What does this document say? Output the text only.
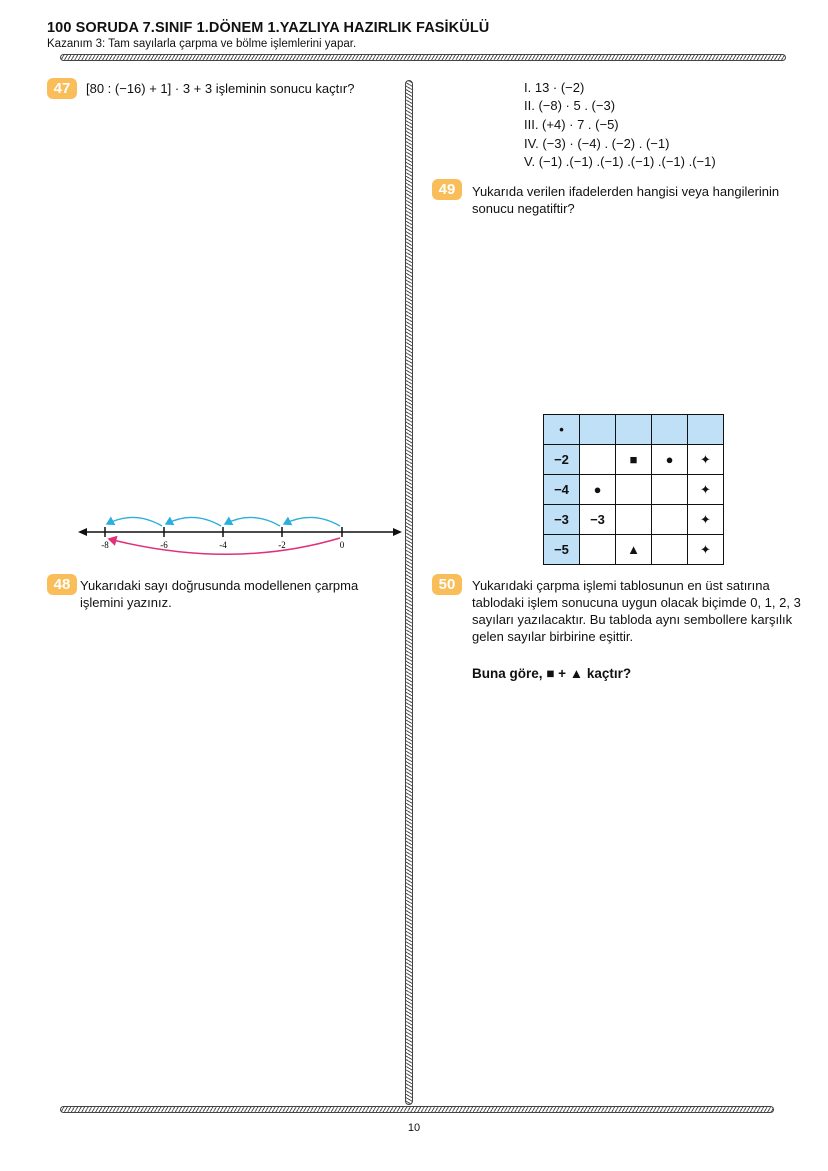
100 SORUDA 7.SINIF 1.DÖNEM 1.YAZLIYA HAZIRLIK FASİKÜLÜ
Kazanım 3: Tam sayılarla çarpma ve bölme işlemlerini yapar.
47	[80 : (−16) + 1] · 3 + 3 işleminin sonucu kaçtır?
-8	-6	-4	-2	0
48 Yukarıdaki sayı doğrusunda modellenen çarpma işlemini yazınız.
I. 13 · (−2)
II. (−8) · 5 . (−3)
III. (+4) · 7 . (−5)
IV. (−3) · (−4) . (−2) . (−1)
V. (−1) .(−1) .(−1) .(−1) .(−1) .(−1)
49	Yukarıda verilen ifadelerden hangisi veya hangilerinin sonucu negatiftir?
•				
−2		■	●	✦
−4	●			✦
−3	−3			✦
−5		▲		✦
50	Yukarıdaki çarpma işlemi tablosunun en üst satırına tablodaki işlem sonucuna uygun olacak biçimde 0, 1, 2, 3 sayıları yazılacaktır. Bu tabloda aynı sembollere karşılık gelen sayılar birbirine eşittir.
Buna göre, ■ + ▲ kaçtır?
10
